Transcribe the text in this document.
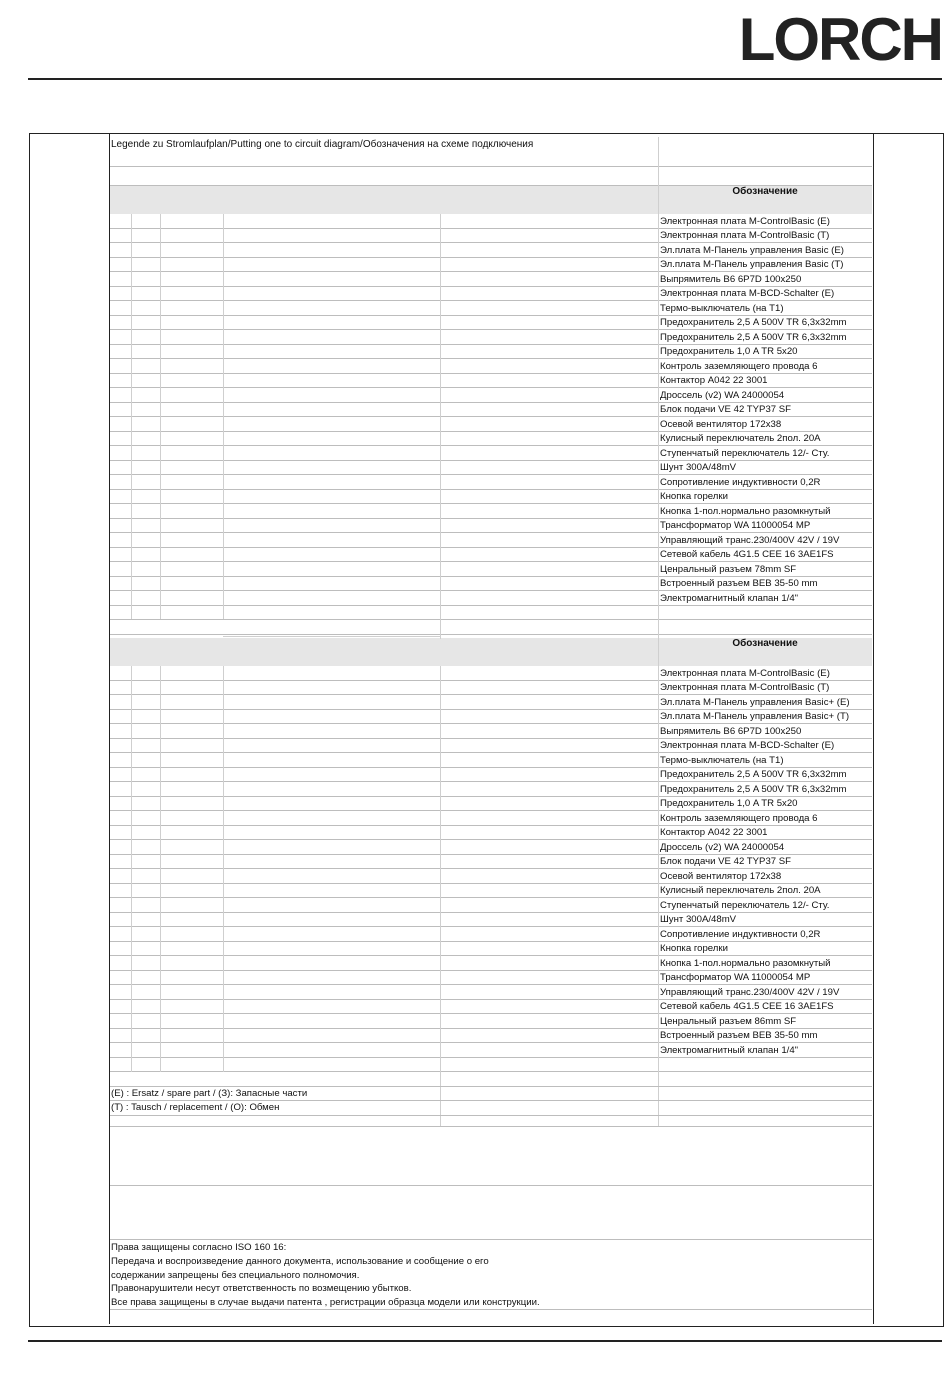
LORCH
Legende zu Stromlaufplan/Putting one to circuit diagram/Обозначения на схеме подключения
Обозначение
Электронная плата M-ControlBasic (E)
Электронная плата M-ControlBasic (T)
Эл.плата M-Панель управления Basic (E)
Эл.плата M-Панель управления Basic (T)
Выпрямитель B6 6P7D 100x250
Электронная плата M-BCD-Schalter (E)
Термо-выключатель (на T1)
Предохранитель 2,5 A 500V TR 6,3x32mm
Предохранитель 2,5 A 500V TR 6,3x32mm
Предохранитель 1,0 A TR 5x20
Контроль заземляющего провода 6
Контактор A042 22 3001
Дроссель (v2) WA 24000054
Блок подачи VE 42 TYP37 SF
Осевой вентилятор 172x38
Кулисный переключатель 2пол. 20A
Ступенчатый переключатель 12/- Сту.
Шунт 300A/48mV
Сопротивление индуктивности 0,2R
Кнопка горелки
Кнопка 1-пол.нормально разомкнутый
Трансформатор WA 11000054 MP
Управляющий транс.230/400V 42V / 19V
Сетевой кабель 4G1.5 CEE 16 3AE1FS
Ценральный разъем 78mm SF
Встроенный разъем BEB 35-50 mm
Электромагнитный клапан 1/4"
Обозначение
Электронная плата M-ControlBasic (E)
Электронная плата M-ControlBasic (T)
Эл.плата M-Панель управления Basic+ (E)
Эл.плата M-Панель управления Basic+ (T)
Выпрямитель B6 6P7D 100x250
Электронная плата M-BCD-Schalter (E)
Термо-выключатель (на T1)
Предохранитель 2,5 A 500V TR 6,3x32mm
Предохранитель 2,5 A 500V TR 6,3x32mm
Предохранитель 1,0 A TR 5x20
Контроль заземляющего провода 6
Контактор A042 22 3001
Дроссель (v2) WA 24000054
Блок подачи VE 42 TYP37 SF
Осевой вентилятор 172x38
Кулисный переключатель 2пол. 20A
Ступенчатый переключатель 12/- Сту.
Шунт 300A/48mV
Сопротивление индуктивности 0,2R
Кнопка горелки
Кнопка 1-пол.нормально разомкнутый
Трансформатор WA 11000054 MP
Управляющий транс.230/400V 42V / 19V
Сетевой кабель 4G1.5 CEE 16 3AE1FS
Ценральный разъем 86mm SF
Встроенный разъем BEB 35-50 mm
Электромагнитный клапан 1/4"
(E) : Ersatz / spare part / (З): Запасные части
(T) : Tausch / replacement / (O): Обмен
Права защищены согласно ISO 160 16:
Передача и воспроизведение данного документа, использование и сообщение о его
содержании запрещены без специального полномочия.
Правонарушители несут ответственность по возмещению убытков.
Все права защищены в случае выдачи патента , регистрации образца модели или конструкции.
